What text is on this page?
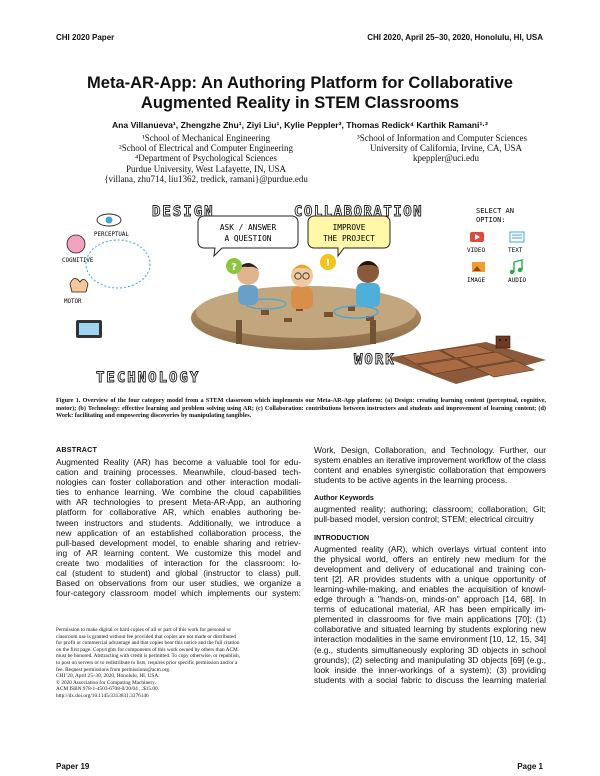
CHI 2020 Paper	CHI 2020, April 25–30, 2020, Honolulu, HI, USA
Meta-AR-App: An Authoring Platform for Collaborative
Augmented Reality in STEM Classrooms
Ana Villanueva¹, Zhengzhe Zhu¹, Ziyi Liu¹, Kylie Peppler³, Thomas Redick⁴ Karthik Ramani¹·²
¹School of Mechanical Engineering
²School of Electrical and Computer Engineering
⁴Department of Psychological Sciences
Purdue University, West Lafayette, IN, USA
{villana, zhu714, liu1362, tredick, ramani}@purdue.edu
³School of Information and Computer Sciences
University of California, Irvine, CA, USA
kpeppler@uci.edu
ASK / ANSWER
A QUESTION
IMPROVE
THE PROJECT
?	!
DESIGN
PERCEPTUAL
COGNITIVE
MOTOR
COLLABORATION	SELECT AN
OPTION:
VIDEO	TEXT
IMAGE	AUDIO
TECHNOLOGY
WORK
Figure 1. Overview of the four category model from a STEM classroom which implements our Meta-AR-App platform: (a) Design: creating learning content (perceptual, cognitive, motor); (b) Technology: effective learning and problem solving using AR; (c) Collaboration: contributions between instructors and students and improvement of learning content; (d) Work: facilitating and empowering discoveries by manipulating tangibles.
ABSTRACT
Augmented Reality (AR) has become a valuable tool for edu-
cation and training processes. Meanwhile, cloud-based tech-
nologies can foster collaboration and other interaction modali-
ties to enhance learning. We combine the cloud capabilities
with AR technologies to present Meta-AR-App, an authoring
platform for collaborative AR, which enables authoring be-
tween instructors and students. Additionally, we introduce a
new application of an established collaboration process, the
pull-based development model, to enable sharing and retriev-
ing of AR learning content. We customize this model and
create two modalities of interaction for the classroom: lo-
cal (student to student) and global (instructor to class) pull.
Based on observations from our user studies, we organize a
four-category classroom model which implements our system:
Permission to make digital or hard copies of all or part of this work for personal or
classroom use is granted without fee provided that copies are not made or distributed
for profit or commercial advantage and that copies bear this notice and the full citation
on the first page. Copyrights for components of this work owned by others than ACM
must be honored. Abstracting with credit is permitted. To copy otherwise, or republish,
to post on servers or to redistribute to lists, requires prior specific permission and/or a
fee. Request permissions from permissions@acm.org.
CHI '20, April 25–30, 2020, Honolulu, HI, USA.
© 2020 Association for Computing Machinery.
ACM ISBN 978-1-4503-6708-0/20/04 ...$15.00.
http://dx.doi.org/10.1145/3313831.3376146
Work, Design, Collaboration, and Technology. Further, our
system enables an iterative improvement workflow of the class
content and enables synergistic collaboration that empowers
students to be active agents in the learning process.
Author Keywords
augmented reality; authoring; classroom; collaboration; Git;
pull-based model, version control; STEM; electrical circuitry
INTRODUCTION
Augmented reality (AR), which overlays virtual content into
the physical world, offers an entirely new medium for the
development and delivery of educational and training con-
tent [2]. AR provides students with a unique opportunity of
learning-while-making, and enables the acquisition of knowl-
edge through a "hands-on, minds-on" approach [14, 68]. In
terms of educational material, AR has been empirically im-
plemented in classrooms for five main applications [70]: (1)
collaborative and situated learning by students exploring new
interaction modalities in the same environment [10, 12, 15, 34]
(e.g., students simultaneously exploring 3D objects in school
grounds); (2) selecting and manipulating 3D objects [69] (e.g.,
look inside the inner-workings of a system); (3) providing
students with a social fabric to discuss the learning material
Paper 19	Page 1
